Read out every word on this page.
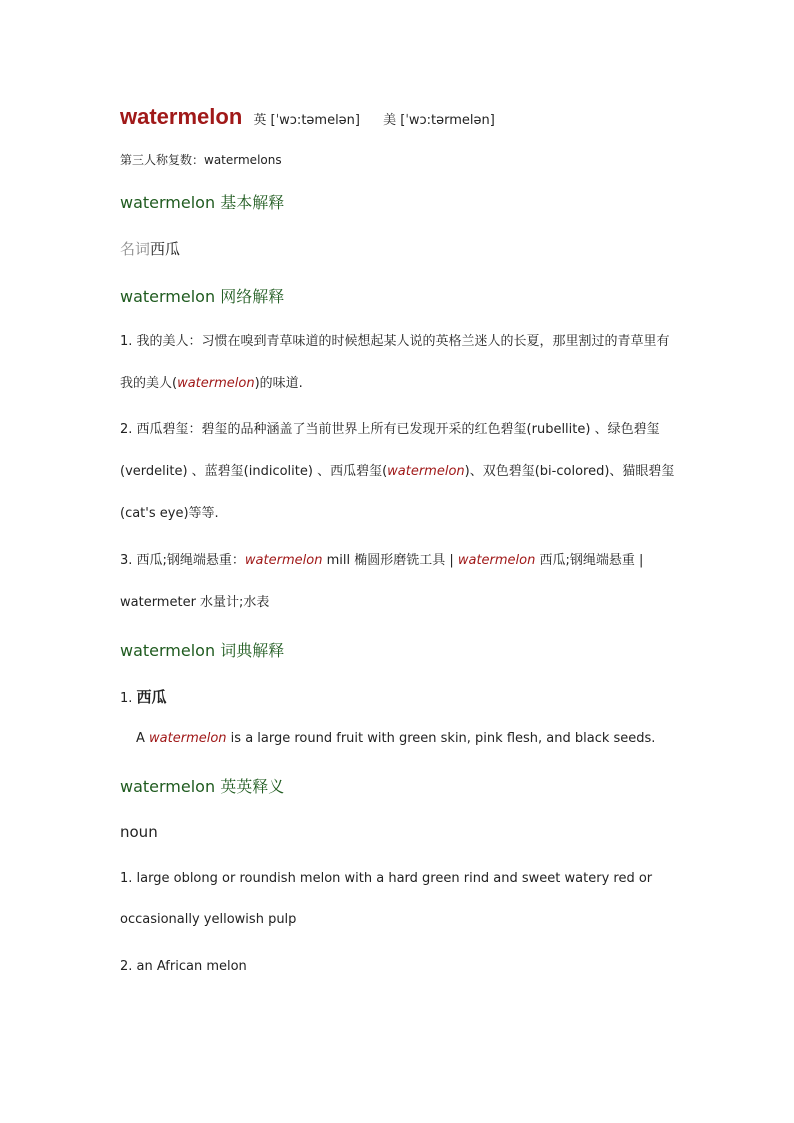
watermelon 英 [ˈwɔ:təmelən] 美 [ˈwɔ:tərmelən]
第三人称复数：watermelons
watermelon 基本解释
名词西瓜
watermelon 网络解释
1. 我的美人：习惯在嗅到青草味道的时候想起某人说的英格兰迷人的长夏，那里割过的青草里有我的美人(watermelon)的味道.
2. 西瓜碧玺：碧玺的品种涵盖了当前世界上所有已发现开采的红色碧玺(rubellite) 、绿色碧玺(verdelite) 、蓝碧玺(indicolite) 、西瓜碧玺(watermelon)、双色碧玺(bi-colored)、猫眼碧玺(cat's eye)等等.
3. 西瓜;钢绳端悬重：watermelon mill 椭圆形磨铣工具 | watermelon 西瓜;钢绳端悬重 | watermeter 水量计;水表
watermelon 词典解释
1. 西瓜
A watermelon is a large round fruit with green skin, pink flesh, and black seeds.
watermelon 英英释义
noun
1. large oblong or roundish melon with a hard green rind and sweet watery red or occasionally yellowish pulp
2. an African melon
